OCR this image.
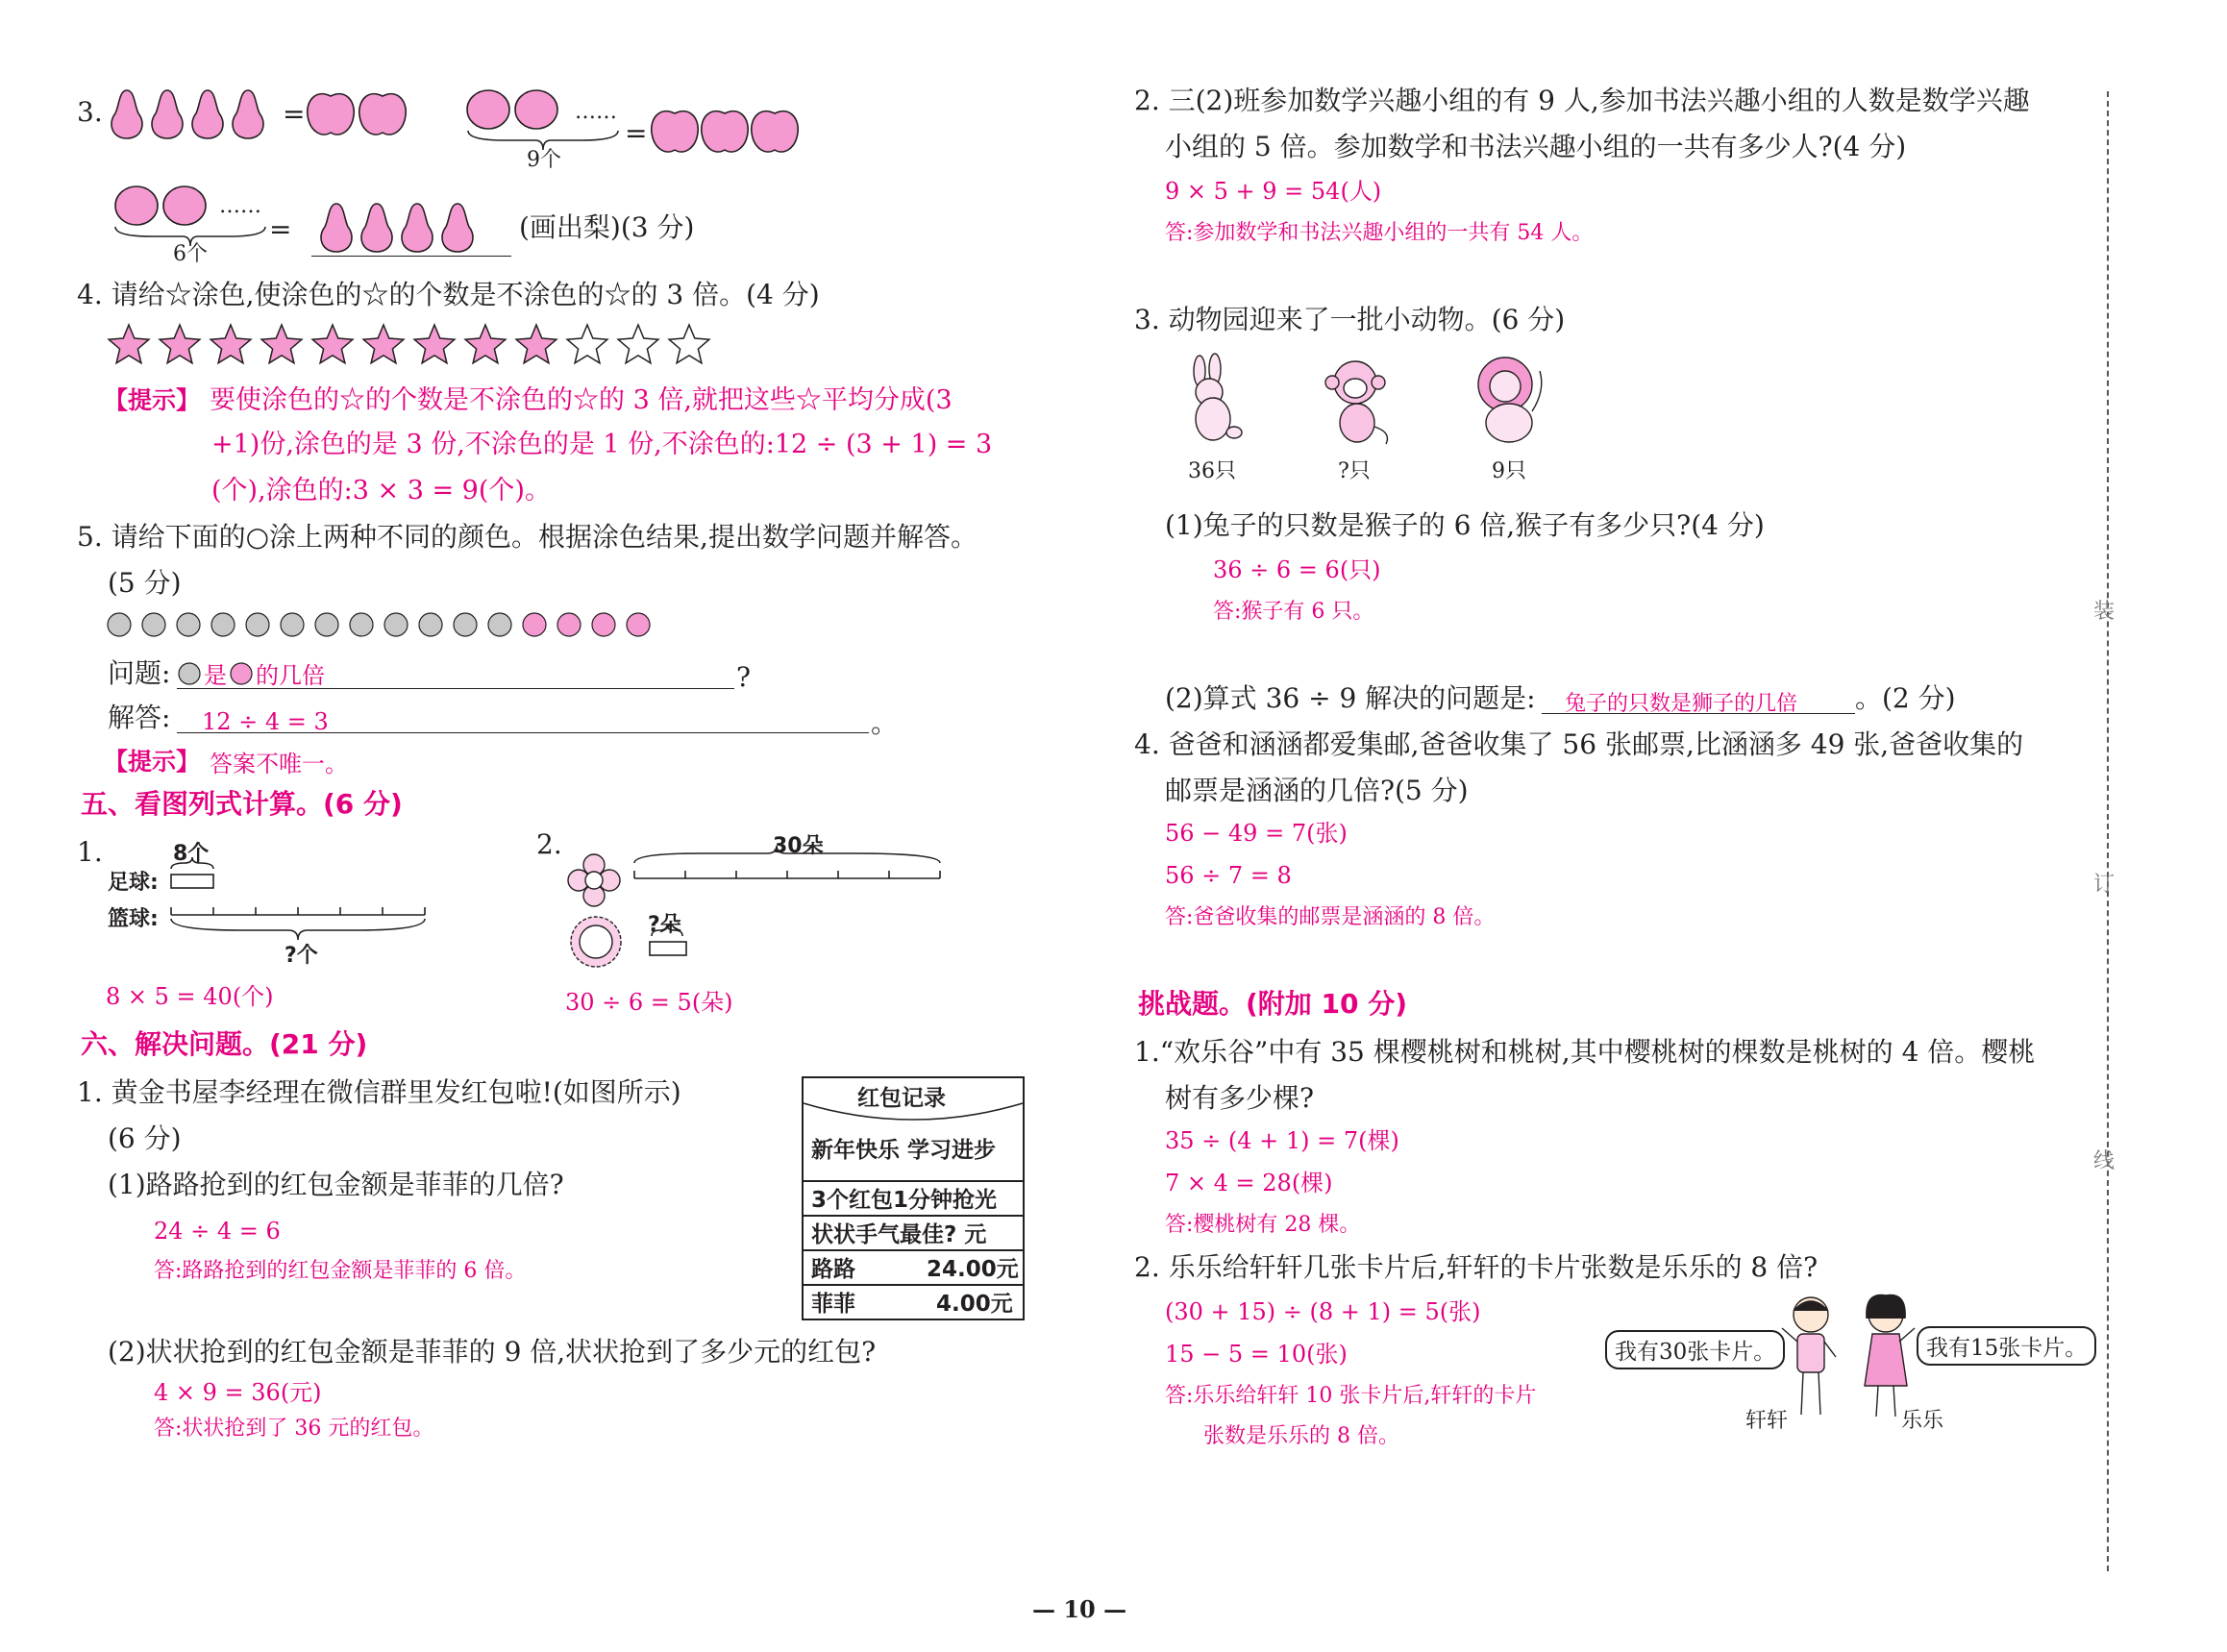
3.	=	……
9个
=
……
6个
=	(画出梨)(3 分)
4. 请给☆涂色,使涂色的☆的个数是不涂色的☆的 3 倍。(4 分)
【提示】 要使涂色的☆的个数是不涂色的☆的 3 倍,就把这些☆平均分成(3
+1)份,涂色的是 3 份,不涂色的是 1 份,不涂色的:12 ÷ (3 + 1) = 3
(个),涂色的:3 × 3 = 9(个)。
5. 请给下面的○涂上两种不同的颜色。根据涂色结果,提出数学问题并解答。
(5 分)
问题: 是 的几倍	?
解答: 12 ÷ 4 = 3	。
【提示】 答案不唯一。
五、看图列式计算。(6 分)
1.	8个
足球:
篮球:
?个
8 × 5 = 40(个)
2.	30朵
?朵
30 ÷ 6 = 5(朵)
六、解决问题。(21 分)
1. 黄金书屋李经理在微信群里发红包啦!(如图所示)
(6 分)
(1)路路抢到的红包金额是菲菲的几倍?
24 ÷ 4 = 6
答:路路抢到的红包金额是菲菲的 6 倍。
(2)状状抢到的红包金额是菲菲的 9 倍,状状抢到了多少元的红包?
4 × 9 = 36(元)
答:状状抢到了 36 元的红包。
红包记录
新年快乐 学习进步
3个红包1分钟抢光
状状手气最佳? 元
路路	24.00元
菲菲	4.00元
2. 三(2)班参加数学兴趣小组的有 9 人,参加书法兴趣小组的人数是数学兴趣
小组的 5 倍。参加数学和书法兴趣小组的一共有多少人?(4 分)
9 × 5 + 9 = 54(人)
答:参加数学和书法兴趣小组的一共有 54 人。
3. 动物园迎来了一批小动物。(6 分)
36只	?只	9只
(1)兔子的只数是猴子的 6 倍,猴子有多少只?(4 分)
36 ÷ 6 = 6(只)
答:猴子有 6 只。
(2)算式 36 ÷ 9 解决的问题是: 兔子的只数是狮子的几倍 。(2 分)
4. 爸爸和涵涵都爱集邮,爸爸收集了 56 张邮票,比涵涵多 49 张,爸爸收集的
邮票是涵涵的几倍?(5 分)
56 − 49 = 7(张)
56 ÷ 7 = 8
答:爸爸收集的邮票是涵涵的 8 倍。
挑战题。(附加 10 分)
1.“欢乐谷”中有 35 棵樱桃树和桃树,其中樱桃树的棵数是桃树的 4 倍。樱桃
树有多少棵?
35 ÷ (4 + 1) = 7(棵)
7 × 4 = 28(棵)
答:樱桃树有 28 棵。
2. 乐乐给轩轩几张卡片后,轩轩的卡片张数是乐乐的 8 倍?
(30 + 15) ÷ (8 + 1) = 5(张)
15 − 5 = 10(张)
答:乐乐给轩轩 10 张卡片后,轩轩的卡片
张数是乐乐的 8 倍。
我有30张卡片。	我有15张卡片。
轩轩	乐乐
装
订
线
— 10 —
